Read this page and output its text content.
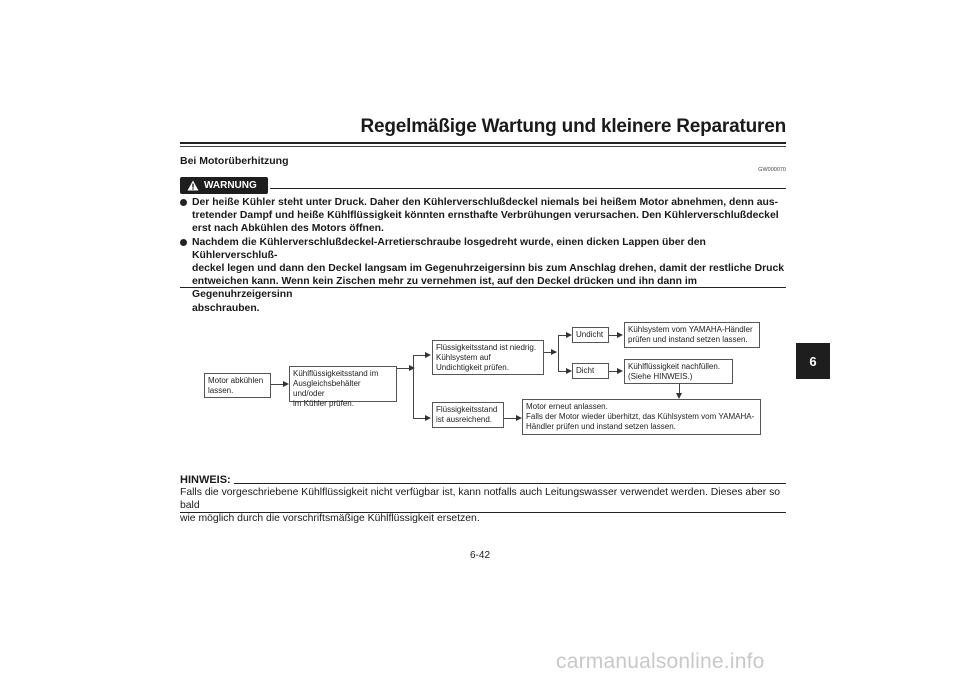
Regelmäßige Wartung und kleinere Reparaturen
Bei Motorüberhitzung
GW000070
WARNUNG
Der heiße Kühler steht unter Druck. Daher den Kühlerverschlußdeckel niemals bei heißem Motor abnehmen, denn aus-
tretender Dampf und heiße Kühlflüssigkeit könnten ernsthafte Verbrühungen verursachen. Den Kühlerverschlußdeckel
erst nach Abkühlen des Motors öffnen.
Nachdem die Kühlerverschlußdeckel-Arretierschraube losgedreht wurde, einen dicken Lappen über den Kühlerverschluß-
deckel legen und dann den Deckel langsam im Gegenuhrzeigersinn bis zum Anschlag drehen, damit der restliche Druck
entweichen kann. Wenn kein Zischen mehr zu vernehmen ist, auf den Deckel drücken und ihn dann im Gegenuhrzeigersinn
abschrauben.
Motor abkühlen
lassen.
Kühlflüssigkeitsstand im
Ausgleichsbehälter und/oder
im Kühler prüfen.
Flüssigkeitsstand ist niedrig.
Kühlsystem auf
Undichtigkeit prüfen.
Flüssigkeitsstand
ist ausreichend.
Undicht
Dicht
Kühlsystem vom YAMAHA-Händler
prüfen und instand setzen lassen.
Kühlflüssigkeit nachfüllen.
(Siehe HINWEIS.)
Motor erneut anlassen.
Falls der Motor wieder überhitzt, das Kühlsystem vom YAMAHA-
Händler prüfen und instand setzen lassen.
HINWEIS:
Falls die vorgeschriebene Kühlflüssigkeit nicht verfügbar ist, kann notfalls auch Leitungswasser verwendet werden. Dieses aber so bald
wie möglich durch die vorschriftsmäßige Kühlflüssigkeit ersetzen.
6-42
6
carmanualsonline.info
